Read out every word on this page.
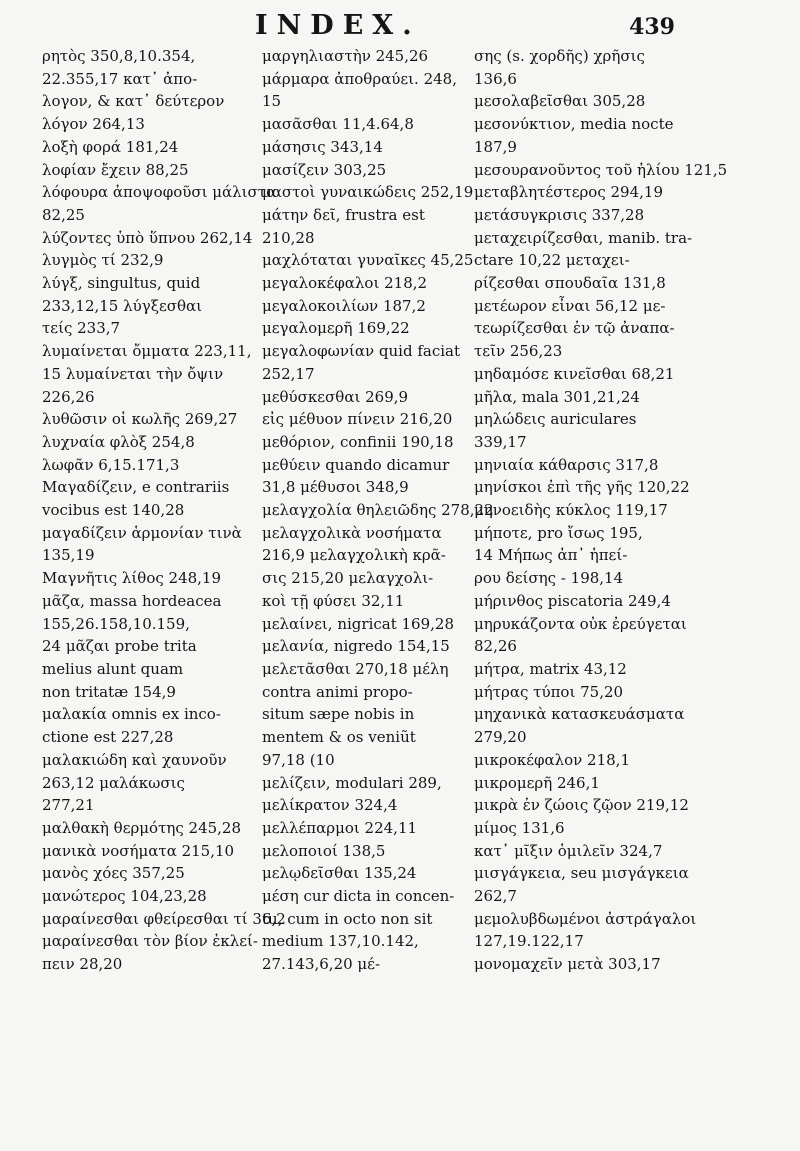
INDEX.	439
ρητὸς 350,8,10.354,
22.355,17 κατ᾽ ἀπο-
λογον, & κατ᾽ δεύτερον
λόγον 264,13
λοξὴ φορά 181,24
λοφίαν ἔχειν 88,25
λόφουρα ἀποψοφοῦσι μάλιστα
82,25
λύζοντες ὑπὸ ὕπνου 262,14
λυγμὸς τί 232,9
λύγξ, singultus, quid
233,12,15 λύγξεσθαι
τείς 233,7
λυμαίνεται ὄμματα 223,11,
15 λυμαίνεται τὴν ὄψιν
226,26
λυθῶσιν οἱ κωλῆς 269,27
λυχναία φλὸξ 254,8
λωφᾶν 6,15.171,3
Μαγαδίζειν, e contrariis
vocibus est 140,28
μαγαδίζειν ἁρμονίαν τινὰ
135,19
Μαγνῆτις λίθος 248,19
μᾶζα, massa hordeacea
155,26.158,10.159,
24 μᾶζαι probe trita
melius alunt quam
non tritatæ 154,9
μαλακία omnis ex inco-
ctione est 227,28
μαλακιώδη καὶ χαυνοῦν
263,12 μαλάκωσις
277,21
μαλθακὴ θερμότης 245,28
μανικὰ νοσήματα 215,10
μανὸς χόες 357,25
μανώτερος 104,23,28
μαραίνεσθαι φθείρεσθαι τί 36,2
μαραίνεσθαι τὸν βίον ἐκλεί-
πειν 28,20
μαργηλιαστὴν 245,26
μάρμαρα ἀποθραύει. 248,
15
μασᾶσθαι 11,4.64,8
μάσησις 343,14
μασίζειν 303,25
μαστοὶ γυναικώδεις 252,19
μάτην δεῖ, frustra est
210,28
μαχλόταται γυναῖκες 45,25
μεγαλοκέφαλοι 218,2
μεγαλοκοιλίων 187,2
μεγαλομερῆ 169,22
μεγαλοφωνίαν quid faciat
252,17
μεθύσκεσθαι 269,9
εἰς μέθυον πίνειν 216,20
μεθόριον, confinii 190,18
μεθύειν quando dicamur
31,8 μέθυσοι 348,9
μελαγχολία θηλειῶδης 278,22
μελαγχολικὰ νοσήματα
216,9 μελαγχολικὴ κρᾶ-
σις 215,20 μελαγχολι-
κοὶ τῇ φύσει 32,11
μελαίνει, nigricat 169,28
μελανία, nigredo 154,15
μελετᾶσθαι 270,18 μέλη
contra animi propo-
situm sæpe nobis in
mentem & os veniũt
97,18 (10
μελίζειν, modulari 289,
μελίκρατον 324,4
μελλέπαρμοι 224,11
μελοποιοί 138,5
μελῳδεῖσθαι 135,24
μέση cur dicta in concen-
tu, cum in octo non sit
medium 137,10.142,
27.143,6,20 μέ-
σης (s. χορδῆς) χρῆσις
136,6
μεσολαβεῖσθαι 305,28
μεσονύκτιον, media nocte
187,9
μεσουρανοῦντος τοῦ ἡλίου 121,5
μεταβλητέστερος 294,19
μετάσυγκρισις 337,28
μεταχειρίζεσθαι, manib. tra-
ctare 10,22 μεταχει-
ρίζεσθαι σπουδαῖα 131,8
μετέωρον εἶναι 56,12 με-
τεωρίζεσθαι ἐν τῷ ἀναπα-
τεῖν 256,23
μηδαμόσε κινεῖσθαι 68,21
μῆλα, mala 301,21,24
μηλώδεις auriculares
339,17
μηνιαία κάθαρσις 317,8
μηνίσκοι ἐπὶ τῆς γῆς 120,22
μηνοειδὴς κύκλος 119,17
μήποτε, pro ἴσως 195,
14 Μήπως ἀπ᾽ ἡπεί-
ρου δείσης - 198,14
μήρινθος piscatoria 249,4
μηρυκάζοντα οὐκ ἐρεύγεται
82,26
μήτρα, matrix 43,12
μήτρας τύποι 75,20
μηχανικὰ κατασκευάσματα
279,20
μικροκέφαλον 218,1
μικρομερῆ 246,1
μικρὰ ἐν ζώοις ζῷον 219,12
μίμος 131,6
κατ᾽ μῖξιν ὁμιλεῖν 324,7
μισγάγκεια, seu μισγάγκεια
262,7
μεμολυβδωμένοι ἀστράγαλοι
127,19.122,17
μονομαχεῖν μετὰ 303,17
